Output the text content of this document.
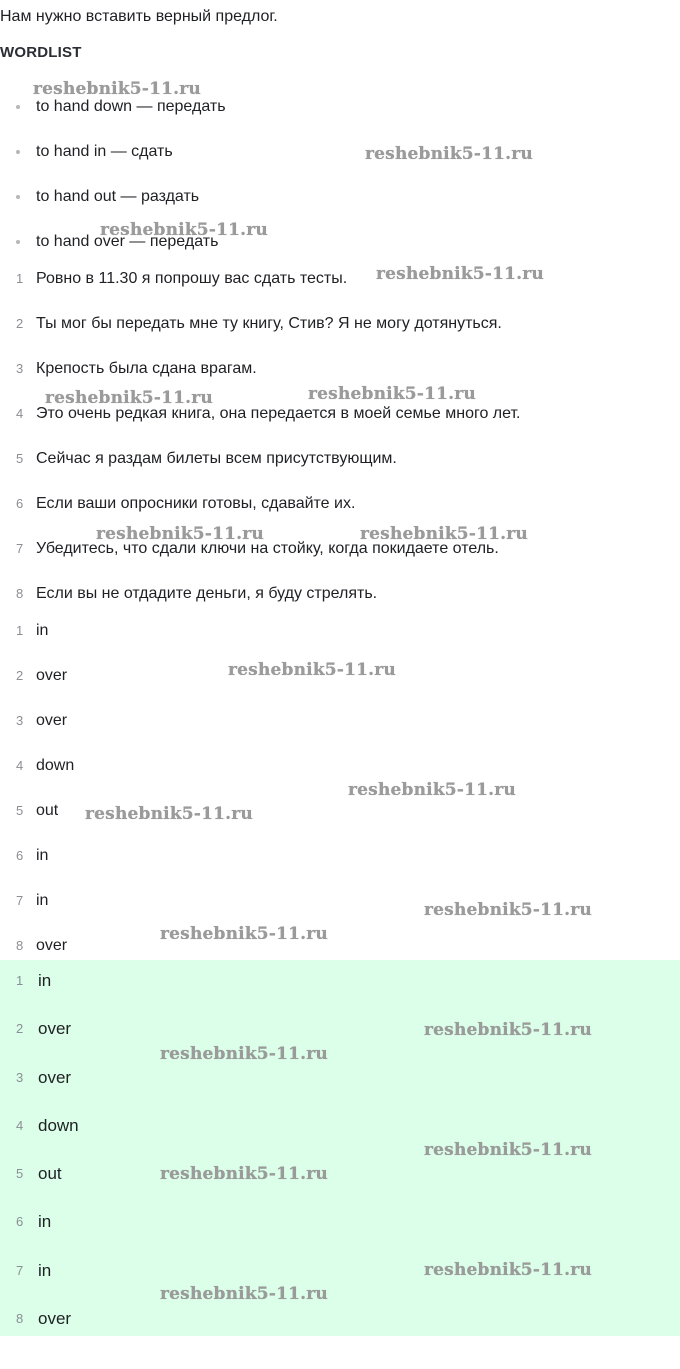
Нам нужно вставить верный предлог.
WORDLIST
to hand down — передать
to hand in — сдать
to hand out — раздать
to hand over — передать
1 Ровно в 11.30 я попрошу вас сдать тесты.
2 Ты мог бы передать мне ту книгу, Стив? Я не могу дотянуться.
3 Крепость была сдана врагам.
4 Это очень редкая книга, она передается в моей семье много лет.
5 Сейчас я раздам билеты всем присутствующим.
6 Если ваши опросники готовы, сдавайте их.
7 Убедитесь, что сдали ключи на стойку, когда покидаете отель.
8 Если вы не отдадите деньги, я буду стрелять.
1 in
2 over
3 over
4 down
5 out
6 in
7 in
8 over
1 in
2 over
3 over
4 down
5 out
6 in
7 in
8 over
reshebnik5-11.ru
reshebnik5-11.ru
reshebnik5-11.ru
reshebnik5-11.ru
reshebnik5-11.ru	reshebnik5-11.ru
reshebnik5-11.ru	reshebnik5-11.ru
reshebnik5-11.ru
reshebnik5-11.ru
reshebnik5-11.ru
reshebnik5-11.ru
reshebnik5-11.ru
reshebnik5-11.ru
reshebnik5-11.ru
reshebnik5-11.ru
reshebnik5-11.ru
reshebnik5-11.ru
reshebnik5-11.ru
